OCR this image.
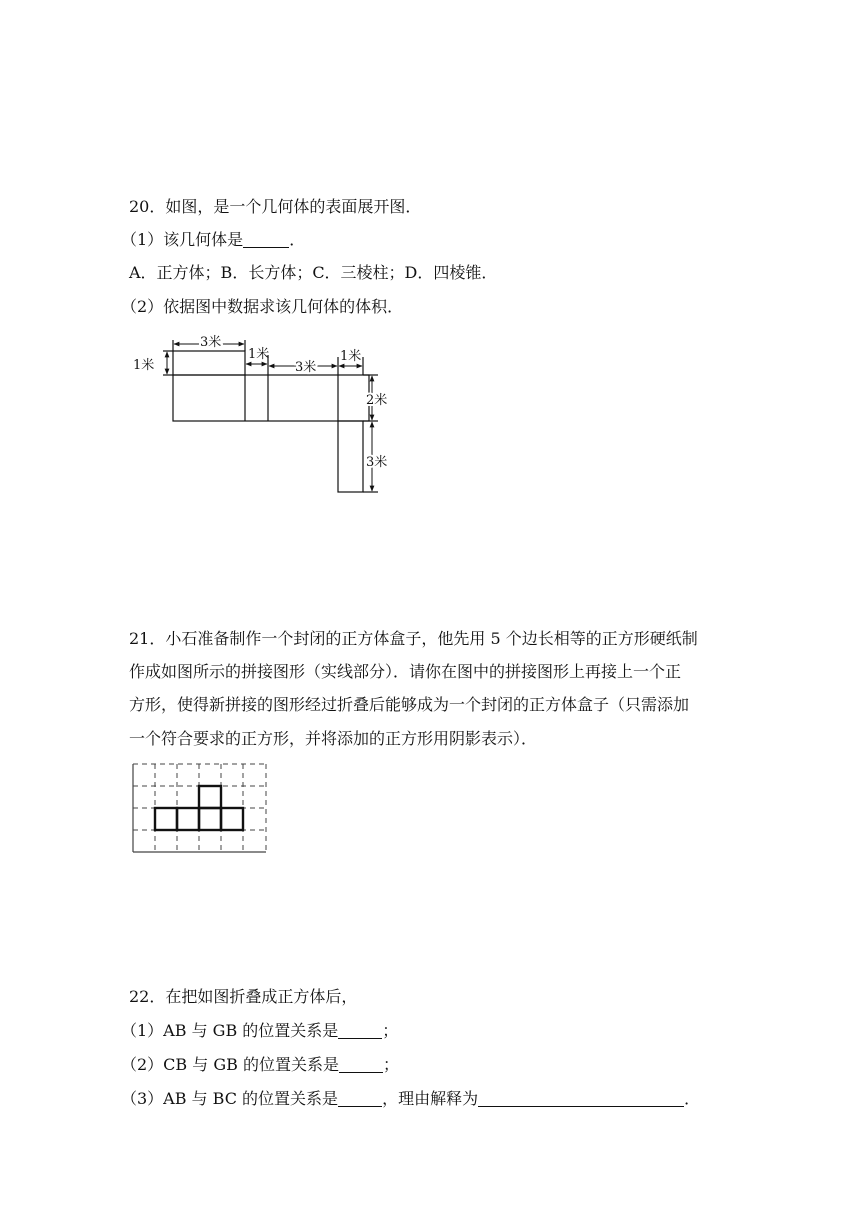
20．如图，是一个几何体的表面展开图．
（1）该几何体是	．
A．正方体；B．长方体；C．三棱柱；D．四棱锥．
（2）依据图中数据求该几何体的体积．
3米
1米
1米
3米
1米
2米
3米
21．小石准备制作一个封闭的正方体盒子，他先用 5 个边长相等的正方形硬纸制
作成如图所示的拼接图形（实线部分）．请你在图中的拼接图形上再接上一个正
方形，使得新拼接的图形经过折叠后能够成为一个封闭的正方体盒子（只需添加
一个符合要求的正方形，并将添加的正方形用阴影表示）．
22．在把如图折叠成正方体后，
（1）AB 与 GB 的位置关系是	；
（2）CB 与 GB 的位置关系是	；
（3）AB 与 BC 的位置关系是	，理由解释为	．
